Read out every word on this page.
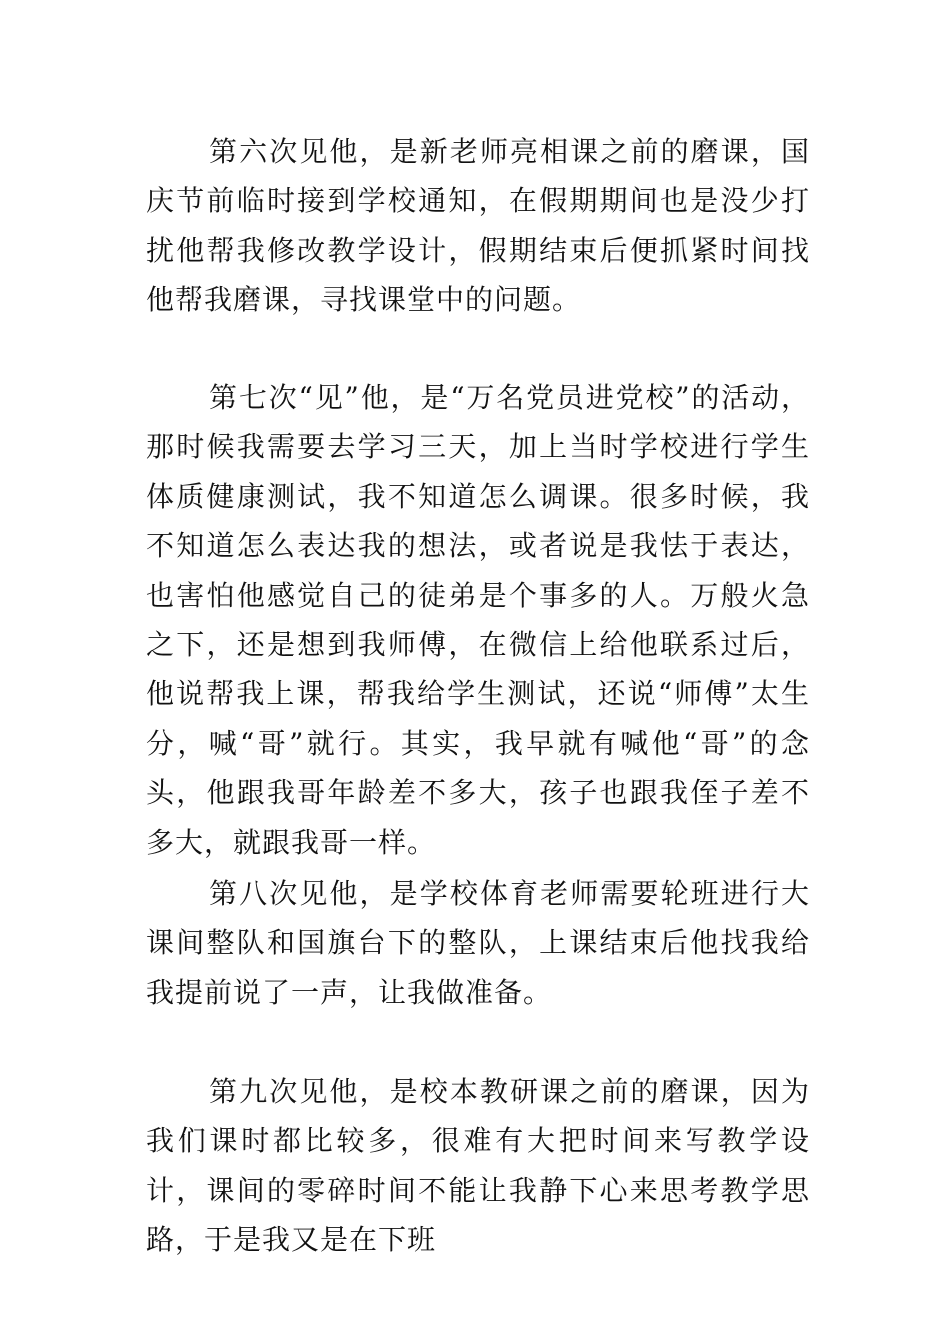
第六次见他，是新老师亮相课之前的磨课，国庆节前临时接到学校通知，在假期期间也是没少打扰他帮我修改教学设计，假期结束后便抓紧时间找他帮我磨课，寻找课堂中的问题。

第七次“见”他，是“万名党员进党校”的活动，那时候我需要去学习三天，加上当时学校进行学生体质健康测试，我不知道怎么调课。很多时候，我不知道怎么表达我的想法，或者说是我怯于表达，也害怕他感觉自己的徒弟是个事多的人。万般火急之下，还是想到我师傅，在微信上给他联系过后，他说帮我上课，帮我给学生测试，还说“师傅”太生分，喊“哥”就行。其实，我早就有喊他“哥”的念头，他跟我哥年龄差不多大，孩子也跟我侄子差不多大，就跟我哥一样。

第八次见他，是学校体育老师需要轮班进行大课间整队和国旗台下的整队，上课结束后他找我给我提前说了一声，让我做准备。

第九次见他，是校本教研课之前的磨课，因为我们课时都比较多，很难有大把时间来写教学设计，课间的零碎时间不能让我静下心来思考教学思路，于是我又是在下班
